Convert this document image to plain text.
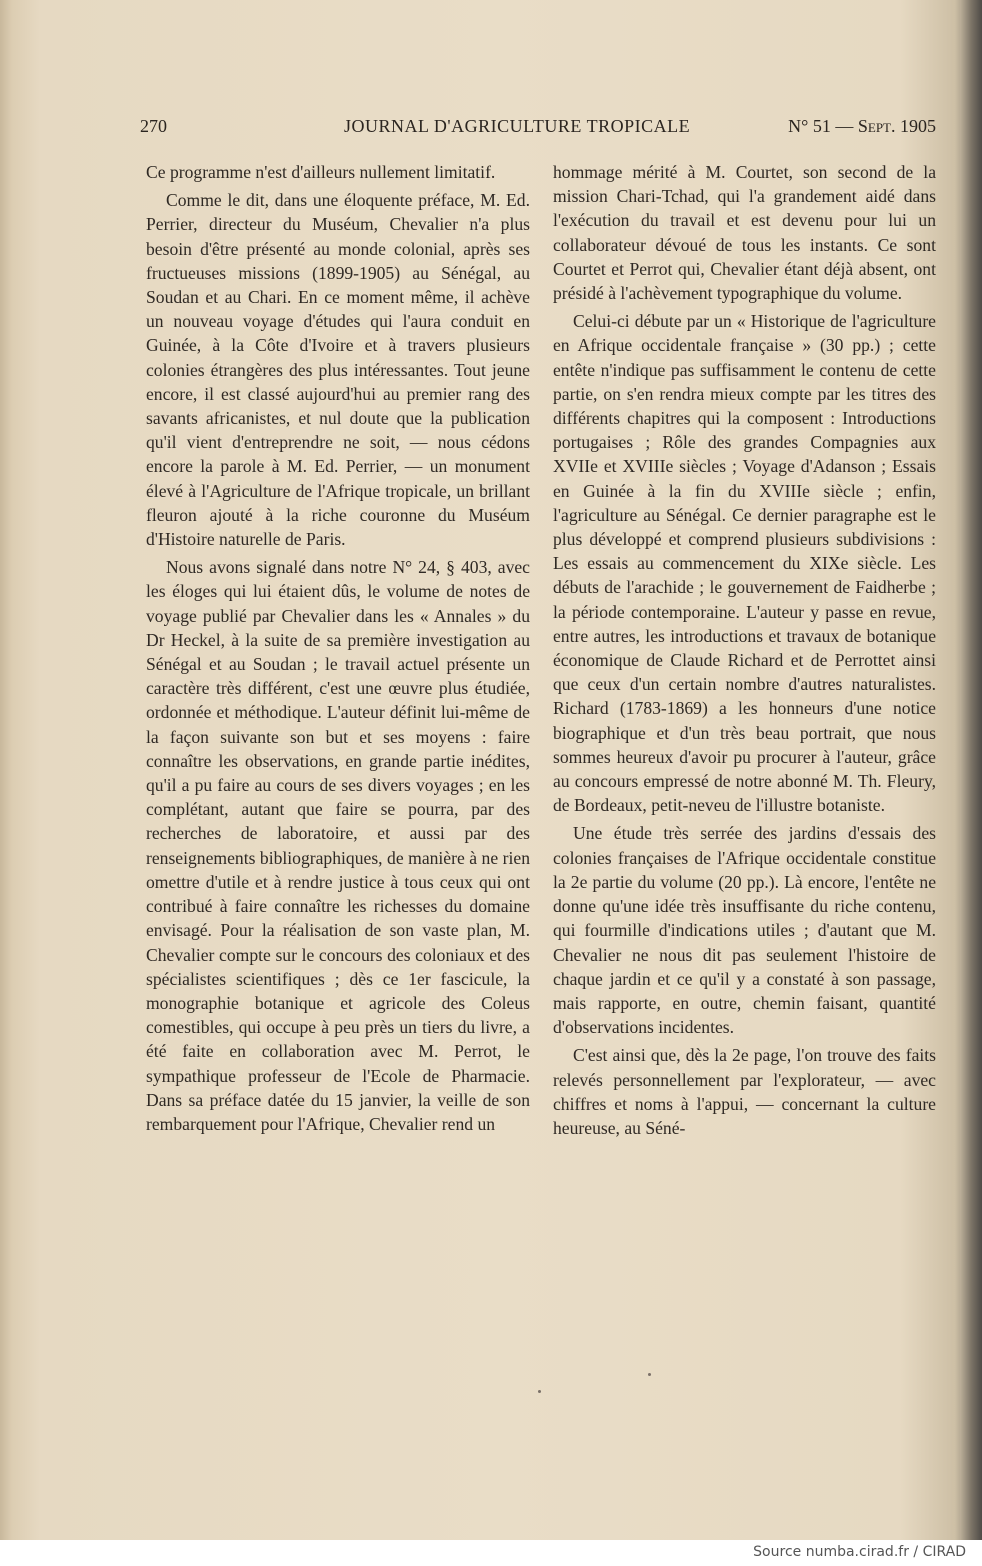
270	JOURNAL D'AGRICULTURE TROPICALE	N° 51 — Sept. 1905

Ce programme n'est d'ailleurs nullement limitatif.

Comme le dit, dans une éloquente préface, M. Ed. Perrier, directeur du Muséum, Chevalier n'a plus besoin d'être présenté au monde colonial, après ses fructueuses missions (1899-1905) au Sénégal, au Soudan et au Chari. En ce moment même, il achève un nouveau voyage d'études qui l'aura conduit en Guinée, à la Côte d'Ivoire et à travers plusieurs colonies étrangères des plus intéressantes. Tout jeune encore, il est classé aujourd'hui au premier rang des savants africanistes, et nul doute que la publication qu'il vient d'entreprendre ne soit, — nous cédons encore la parole à M. Ed. Perrier, — un monument élevé à l'Agriculture de l'Afrique tropicale, un brillant fleuron ajouté à la riche couronne du Muséum d'Histoire naturelle de Paris.

Nous avons signalé dans notre N° 24, § 403, avec les éloges qui lui étaient dûs, le volume de notes de voyage publié par Chevalier dans les « Annales » du Dr Heckel, à la suite de sa première investigation au Sénégal et au Soudan ; le travail actuel présente un caractère très différent, c'est une œuvre plus étudiée, ordonnée et méthodique. L'auteur définit lui-même de la façon suivante son but et ses moyens : faire connaître les observations, en grande partie inédites, qu'il a pu faire au cours de ses divers voyages ; en les complétant, autant que faire se pourra, par des recherches de laboratoire, et aussi par des renseignements bibliographiques, de manière à ne rien omettre d'utile et à rendre justice à tous ceux qui ont contribué à faire connaître les richesses du domaine envisagé. Pour la réalisation de son vaste plan, M. Chevalier compte sur le concours des coloniaux et des spécialistes scientifiques ; dès ce 1er fascicule, la monographie botanique et agricole des Coleus comestibles, qui occupe à peu près un tiers du livre, a été faite en collaboration avec M. Perrot, le sympathique professeur de l'Ecole de Pharmacie. Dans sa préface datée du 15 janvier, la veille de son rembarquement pour l'Afrique, Chevalier rend un

hommage mérité à M. Courtet, son second de la mission Chari-Tchad, qui l'a grandement aidé dans l'exécution du travail et est devenu pour lui un collaborateur dévoué de tous les instants. Ce sont Courtet et Perrot qui, Chevalier étant déjà absent, ont présidé à l'achèvement typographique du volume.

Celui-ci débute par un « Historique de l'agriculture en Afrique occidentale française » (30 pp.) ; cette entête n'indique pas suffisamment le contenu de cette partie, on s'en rendra mieux compte par les titres des différents chapitres qui la composent : Introductions portugaises ; Rôle des grandes Compagnies aux XVIIe et XVIIIe siècles ; Voyage d'Adanson ; Essais en Guinée à la fin du XVIIIe siècle ; enfin, l'agriculture au Sénégal. Ce dernier paragraphe est le plus développé et comprend plusieurs subdivisions : Les essais au commencement du XIXe siècle. Les débuts de l'arachide ; le gouvernement de Faidherbe ; la période contemporaine. L'auteur y passe en revue, entre autres, les introductions et travaux de botanique économique de Claude Richard et de Perrottet ainsi que ceux d'un certain nombre d'autres naturalistes. Richard (1783-1869) a les honneurs d'une notice biographique et d'un très beau portrait, que nous sommes heureux d'avoir pu procurer à l'auteur, grâce au concours empressé de notre abonné M. Th. Fleury, de Bordeaux, petit-neveu de l'illustre botaniste.

Une étude très serrée des jardins d'essais des colonies françaises de l'Afrique occidentale constitue la 2e partie du volume (20 pp.). Là encore, l'entête ne donne qu'une idée très insuffisante du riche contenu, qui fourmille d'indications utiles ; d'autant que M. Chevalier ne nous dit pas seulement l'histoire de chaque jardin et ce qu'il y a constaté à son passage, mais rapporte, en outre, chemin faisant, quantité d'observations incidentes.

C'est ainsi que, dès la 2e page, l'on trouve des faits relevés personnellement par l'explorateur, — avec chiffres et noms à l'appui, — concernant la culture heureuse, au Séné-

Source numba.cirad.fr / CIRAD
